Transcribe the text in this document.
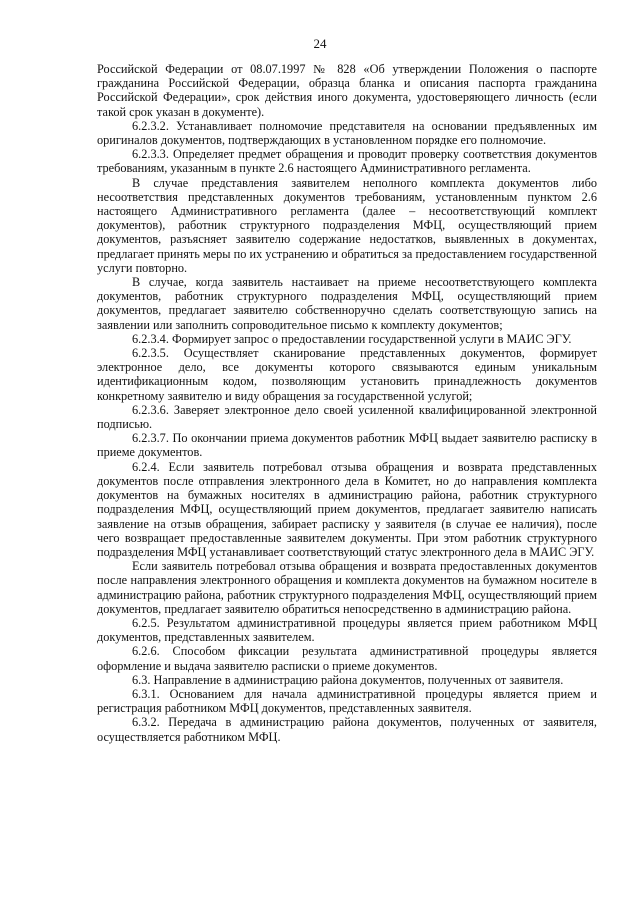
24

Российской Федерации от 08.07.1997 № 828 «Об утверждении Положения о паспорте гражданина Российской Федерации, образца бланка и описания паспорта гражданина Российской Федерации», срок действия иного документа, удостоверяющего личность (если такой срок указан в документе).

6.2.3.2. Устанавливает полномочие представителя на основании предъявленных им оригиналов документов, подтверждающих в установленном порядке его полномочие.

6.2.3.3. Определяет предмет обращения и проводит проверку соответствия документов требованиям, указанным в пункте 2.6 настоящего Административного регламента.

В случае представления заявителем неполного комплекта документов либо несоответствия представленных документов требованиям, установленным пунктом 2.6 настоящего Административного регламента (далее – несоответствующий комплект документов), работник структурного подразделения МФЦ, осуществляющий прием документов, разъясняет заявителю содержание недостатков, выявленных в документах, предлагает принять меры по их устранению и обратиться за предоставлением государственной услуги повторно.

В случае, когда заявитель настаивает на приеме несоответствующего комплекта документов, работник структурного подразделения МФЦ, осуществляющий прием документов, предлагает заявителю собственноручно сделать соответствующую запись на заявлении или заполнить сопроводительное письмо к комплекту документов;

6.2.3.4. Формирует запрос о предоставлении государственной услуги в МАИС ЭГУ.

6.2.3.5. Осуществляет сканирование представленных документов, формирует электронное дело, все документы которого связываются единым уникальным идентификационным кодом, позволяющим установить принадлежность документов конкретному заявителю и виду обращения за государственной услугой;

6.2.3.6. Заверяет электронное дело своей усиленной квалифицированной электронной подписью.

6.2.3.7. По окончании приема документов работник МФЦ выдает заявителю расписку в приеме документов.

6.2.4. Если заявитель потребовал отзыва обращения и возврата представленных документов после отправления электронного дела в Комитет, но до направления комплекта документов на бумажных носителях в администрацию района, работник структурного подразделения МФЦ, осуществляющий прием документов, предлагает заявителю написать заявление на отзыв обращения, забирает расписку у заявителя (в случае ее наличия), после чего возвращает предоставленные заявителем документы. При этом работник структурного подразделения МФЦ устанавливает соответствующий статус электронного дела в МАИС ЭГУ.

Если заявитель потребовал отзыва обращения и возврата предоставленных документов после направления электронного обращения и комплекта документов на бумажном носителе в администрацию района, работник структурного подразделения МФЦ, осуществляющий прием документов, предлагает заявителю обратиться непосредственно в администрацию района.

6.2.5. Результатом административной процедуры является прием работником МФЦ документов, представленных заявителем.

6.2.6. Способом фиксации результата административной процедуры является оформление и выдача заявителю расписки о приеме документов.

6.3. Направление в администрацию района документов, полученных от заявителя.

6.3.1. Основанием для начала административной процедуры является прием и регистрация работником МФЦ документов, представленных заявителя.

6.3.2. Передача в администрацию района документов, полученных от заявителя, осуществляется работником МФЦ.
